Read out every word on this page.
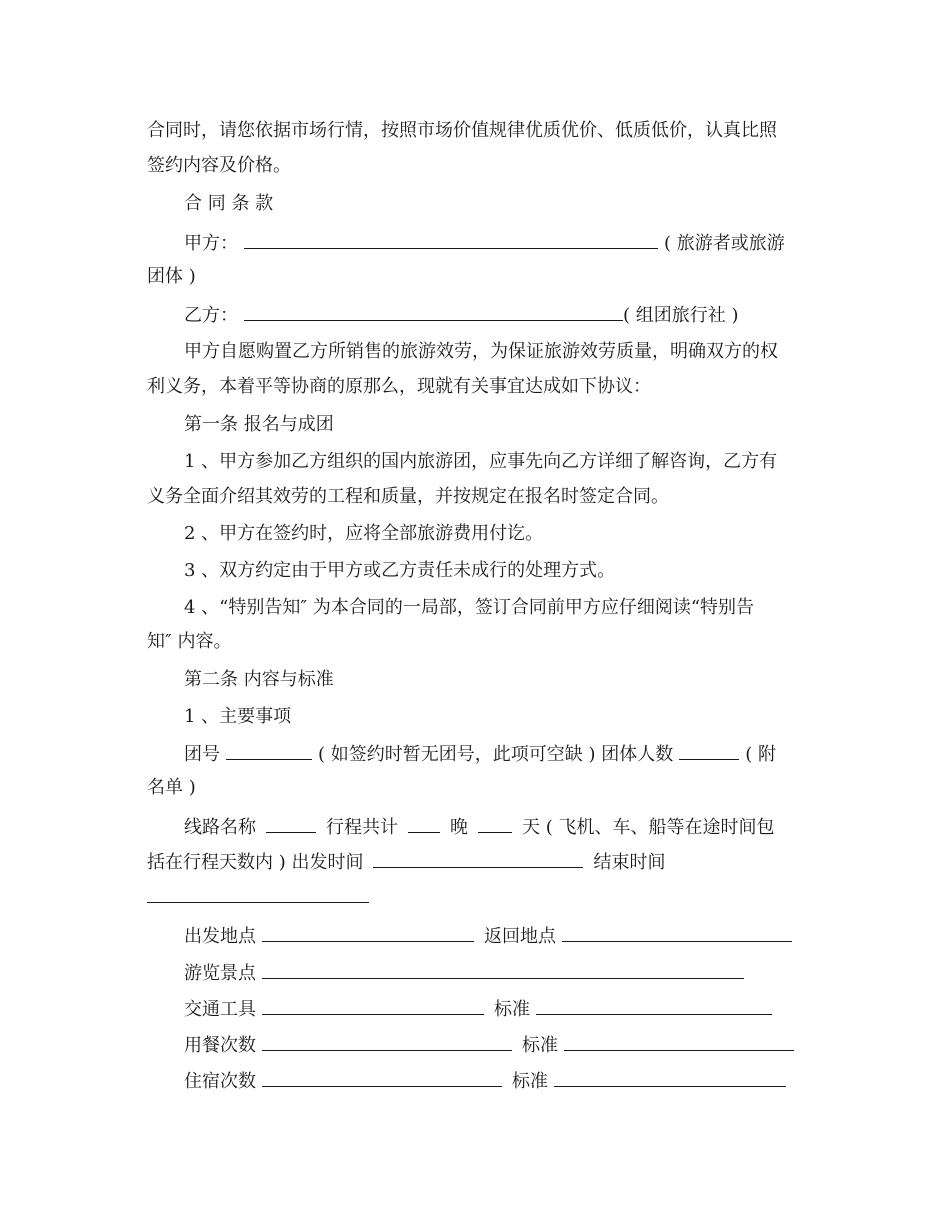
合同时，请您依据市场行情，按照市场价值规律优质优价、低质低价，认真比照
签约内容及价格。
合 同 条 款
甲方：	( 旅游者或旅游
团体 )
乙方：	( 组团旅行社 )
甲方自愿购置乙方所销售的旅游效劳，为保证旅游效劳质量，明确双方的权
利义务，本着平等协商的原那么，现就有关事宜达成如下协议：
第一条 报名与成团
1 、甲方参加乙方组织的国内旅游团，应事先向乙方详细了解咨询，乙方有
义务全面介绍其效劳的工程和质量，并按规定在报名时签定合同。
2 、甲方在签约时，应将全部旅游费用付讫。
3 、双方约定由于甲方或乙方责任未成行的处理方式。
4 、“特别告知″ 为本合同的一局部，签订合同前甲方应仔细阅读“特别告
知″ 内容。
第二条 内容与标准
1 、主要事项
团号	( 如签约时暂无团号，此项可空缺 ) 团体人数	( 附
名单 )
线路名称	行程共计	晚	天 ( 飞机、车、船等在途时间包
括在行程天数内 ) 出发时间	结束时间
出发地点	返回地点
游览景点
交通工具	标准
用餐次数	标准
住宿次数	标准
